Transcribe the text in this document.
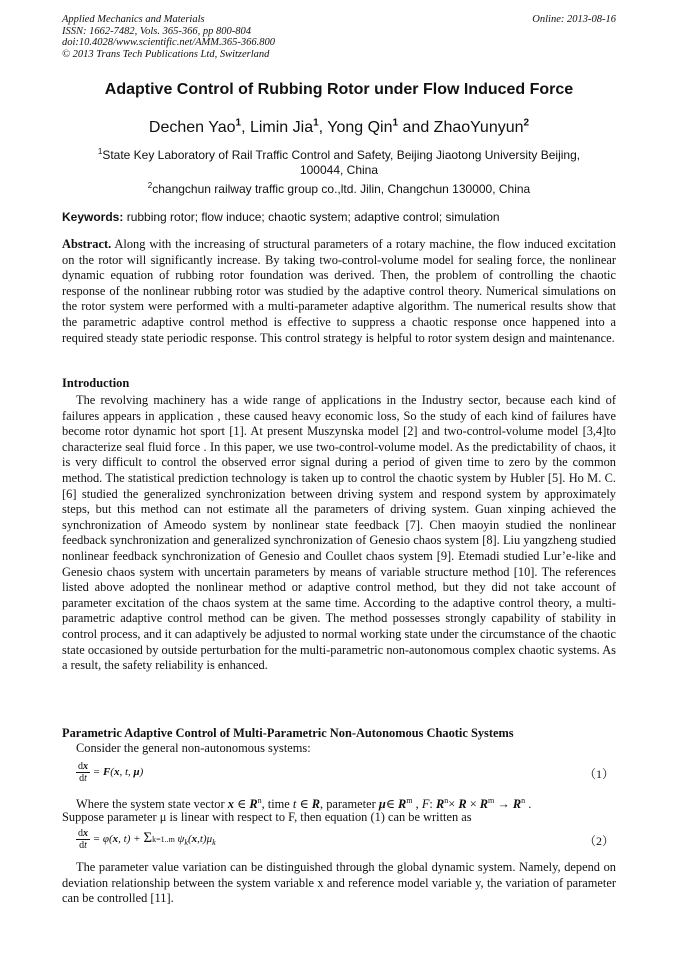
Applied Mechanics and Materials
ISSN: 1662-7482, Vols. 365-366, pp 800-804
doi:10.4028/www.scientific.net/AMM.365-366.800
© 2013 Trans Tech Publications Ltd, Switzerland
Online: 2013-08-16
Adaptive Control of Rubbing Rotor under Flow Induced Force
Dechen Yao$^1$, Limin Jia$^1$, Yong Qin$^1$ and ZhaoYunyun$^2$
$^1$State Key Laboratory of Rail Traffic Control and Safety, Beijing Jiaotong University Beijing, 100044, China
$^2$changchun railway traffic group co.,ltd. Jilin, Changchun 130000, China
Keywords: rubbing rotor; flow induce; chaotic system; adaptive control; simulation
Abstract. Along with the increasing of structural parameters of a rotary machine, the flow induced excitation on the rotor will significantly increase. By taking two-control-volume model for sealing force, the nonlinear dynamic equation of rubbing rotor foundation was derived. Then, the problem of controlling the chaotic response of the nonlinear rubbing rotor was studied by the adaptive control theory. Numerical simulations on the rotor system were performed with a multi-parameter adaptive algorithm. The numerical results show that the parametric adaptive control method is effective to suppress a chaotic response once happened into a required steady state periodic response. This control strategy is helpful to rotor system design and maintenance.
Introduction
The revolving machinery has a wide range of applications in the Industry sector, because each kind of failures appears in application , these caused heavy economic loss, So the study of each kind of failures have become rotor dynamic hot sport [1]. At present Muszynska model [2] and two-control-volume model [3,4]to characterize seal fluid force . In this paper, we use two-control-volume model. As the predictability of chaos, it is very difficult to control the observed error signal during a period of given time to zero by the common method. The statistical prediction technology is taken up to control the chaotic system by Hubler [5]. Ho M. C. [6] studied the generalized synchronization between driving system and respond system by approximately steps, but this method can not estimate all the parameters of driving system. Guan xinping achieved the synchronization of Ameodo system by nonlinear state feedback [7]. Chen maoyin studied the nonlinear feedback synchronization and generalized synchronization of Genesio chaos system [8]. Liu yangzheng studied nonlinear feedback synchronization of Genesio and Coullet chaos system [9]. Etemadi studied Lur’e-like and Genesio chaos system with uncertain parameters by means of variable structure method [10]. The references listed above adopted the nonlinear method or adaptive control method, but they did not take account of parameter excitation of the chaos system at the same time. According to the adaptive control theory, a multi-parametric adaptive control method can be given. The method possesses strongly capability of stability in control process, and it can adaptively be adjusted to normal working state under the circumstance of the chaotic state occasioned by outside perturbation for the multi-parametric non-autonomous complex chaotic systems. As a result, the safety reliability is enhanced.
Parametric Adaptive Control of Multi-Parametric Non-Autonomous Chaotic Systems
Consider the general non-autonomous systems:
$\frac{dx}{dt} = F(x$, t, μ)	（1）
Where the system state vector x ∈ $R^n$, time t ∈ R, parameter μ∈ $R^m$ , F: $R^n\times R \times R^m \to R^n$ .
Suppose parameter μ is linear with respect to F, then equation (1) can be written as
$\frac{dx}{dt} = \varphi(x$, t) + Σk=1..m $\psi_k(x,t)\mu_k$	（2）
The parameter value variation can be distinguished through the global dynamic system. Namely, depend on deviation relationship between the system variable x and reference model variable y, the variation of parameter can be controlled [11].
